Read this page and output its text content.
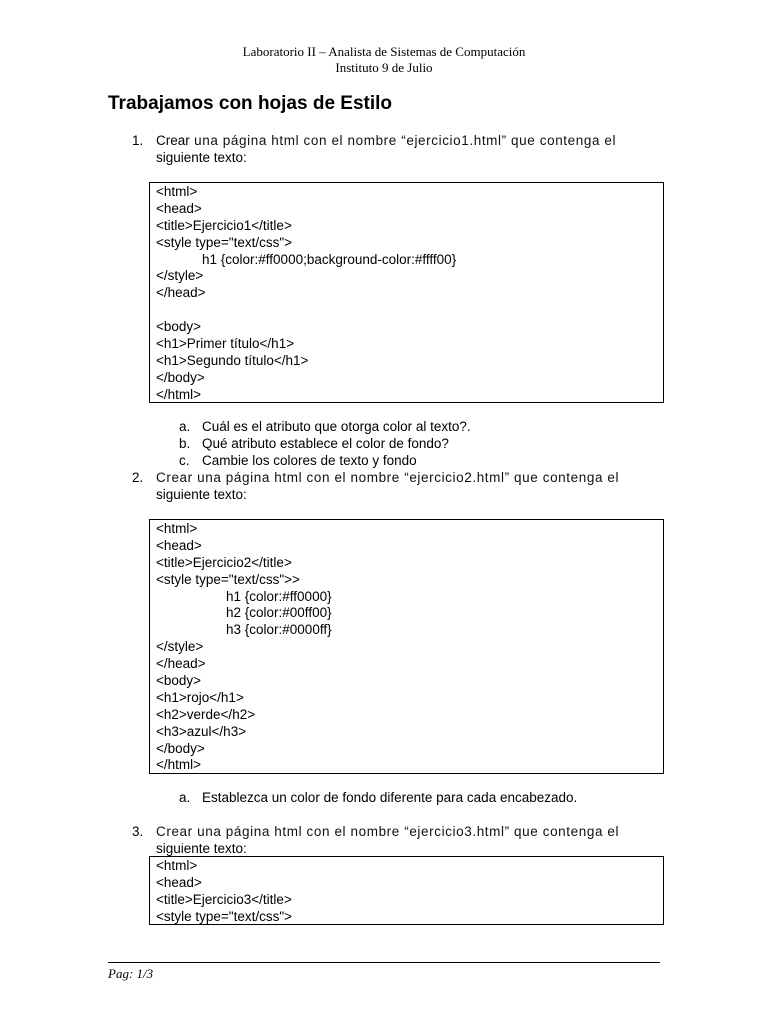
Laboratorio II – Analista de Sistemas de Computación
Instituto 9 de Julio
Trabajamos con hojas de Estilo
1. Crear una página html con el nombre “ejercicio1.html” que contenga el
siguiente texto:
<html>
<head>
<title>Ejercicio1</title>
<style type="text/css">
h1 {color:#ff0000;background-color:#ffff00}
</style>
</head>
<body>
<h1>Primer título</h1>
<h1>Segundo título</h1>
</body>
</html>
a. Cuál es el atributo que otorga color al texto?.
b. Qué atributo establece el color de fondo?
c. Cambie los colores de texto y fondo
2. Crear una página html con el nombre “ejercicio2.html” que contenga el
siguiente texto:
<html>
<head>
<title>Ejercicio2</title>
<style type="text/css">>
h1 {color:#ff0000}
h2 {color:#00ff00}
h3 {color:#0000ff}
</style>
</head>
<body>
<h1>rojo</h1>
<h2>verde</h2>
<h3>azul</h3>
</body>
</html>
a. Establezca un color de fondo diferente para cada encabezado.
3. Crear una página html con el nombre “ejercicio3.html” que contenga el
siguiente texto:
<html>
<head>
<title>Ejercicio3</title>
<style type="text/css">
Pag: 1/3
